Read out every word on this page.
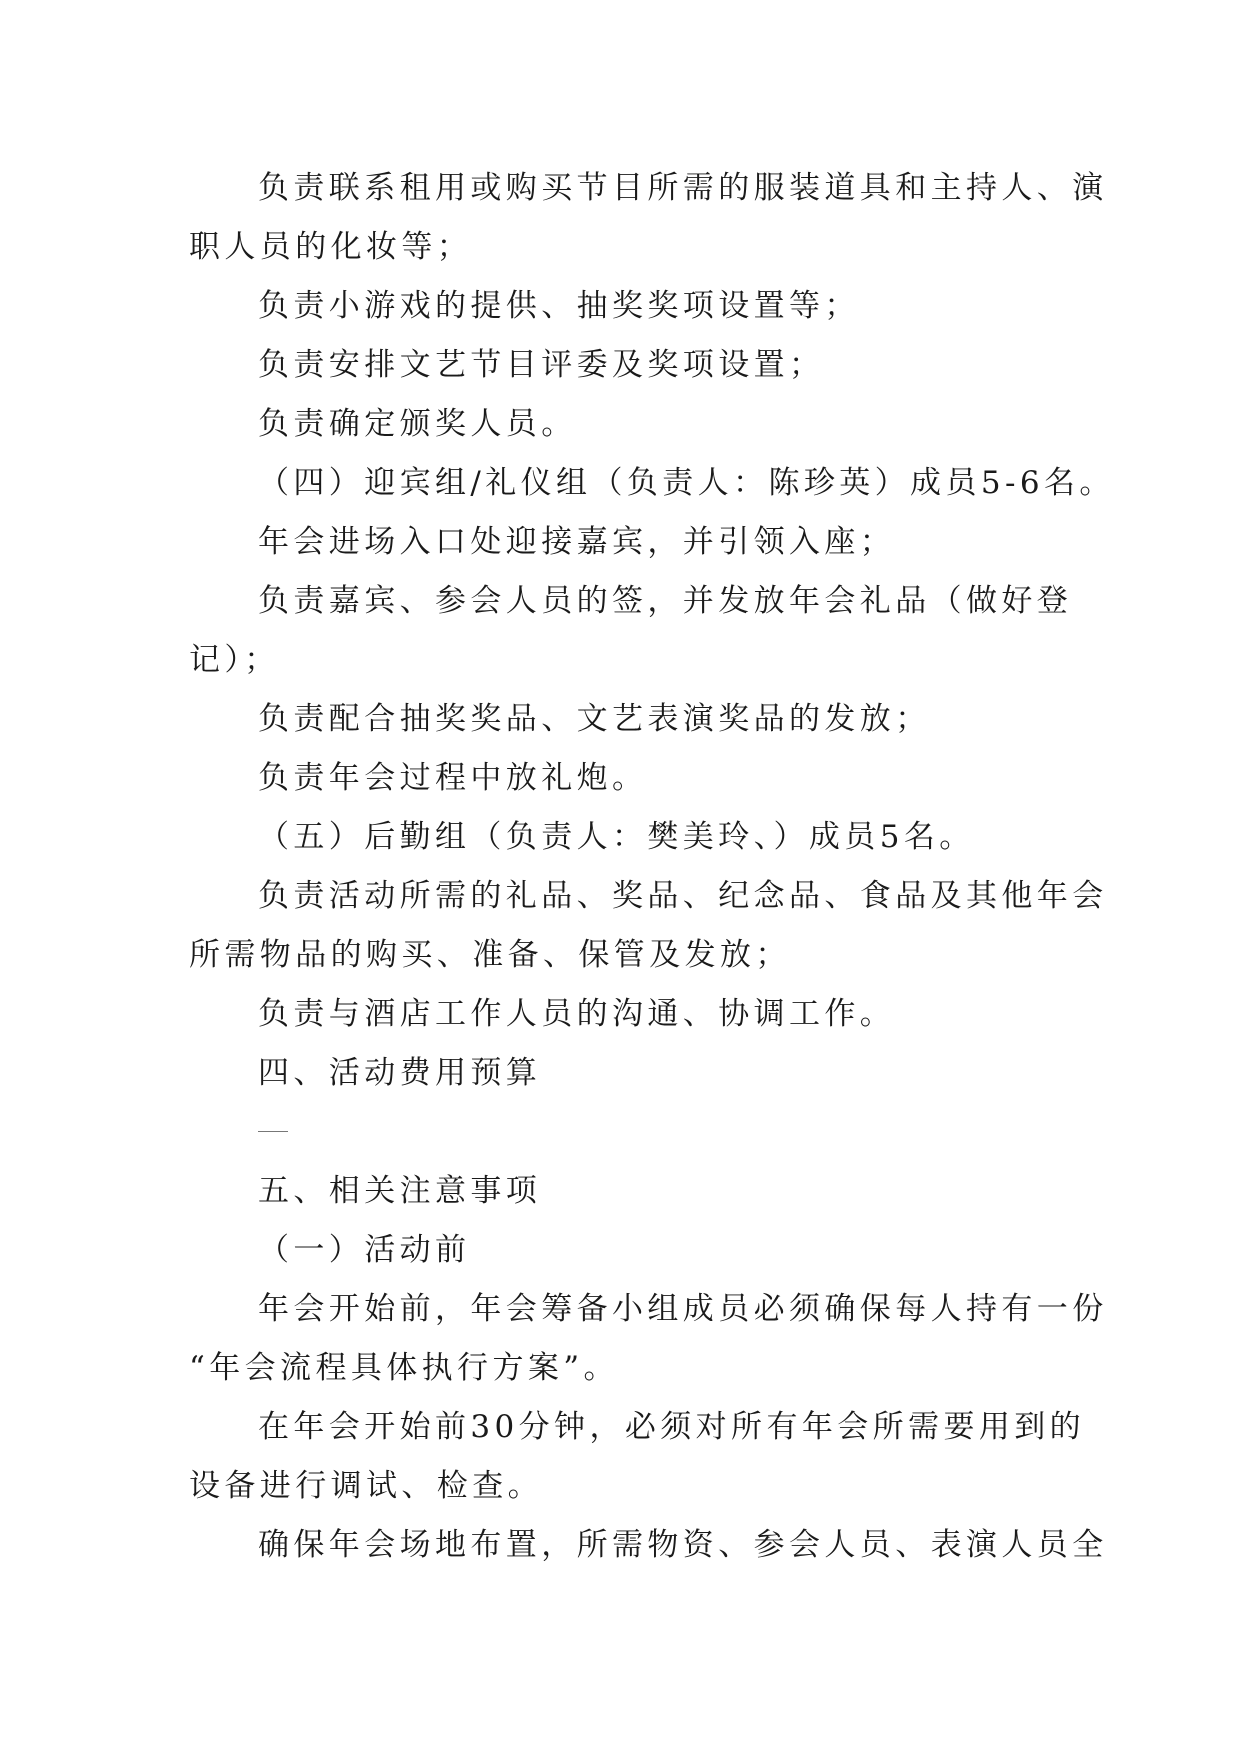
负责联系租用或购买节目所需的服装道具和主持人、演
职人员的化妆等；
负责小游戏的提供、抽奖奖项设置等；
负责安排文艺节目评委及奖项设置；
负责确定颁奖人员。
（四）迎宾组/礼仪组（负责人：陈珍英）成员5-6名。
年会进场入口处迎接嘉宾，并引领入座；
负责嘉宾、参会人员的签，并发放年会礼品（做好登
记）；
负责配合抽奖奖品、文艺表演奖品的发放；
负责年会过程中放礼炮。
（五）后勤组（负责人：樊美玲、）成员5名。
负责活动所需的礼品、奖品、纪念品、食品及其他年会
所需物品的购买、准备、保管及发放；
负责与酒店工作人员的沟通、协调工作。
四、活动费用预算
五、相关注意事项
（一）活动前
年会开始前，年会筹备小组成员必须确保每人持有一份
“年会流程具体执行方案”。
在年会开始前30分钟，必须对所有年会所需要用到的
设备进行调试、检查。
确保年会场地布置，所需物资、参会人员、表演人员全
